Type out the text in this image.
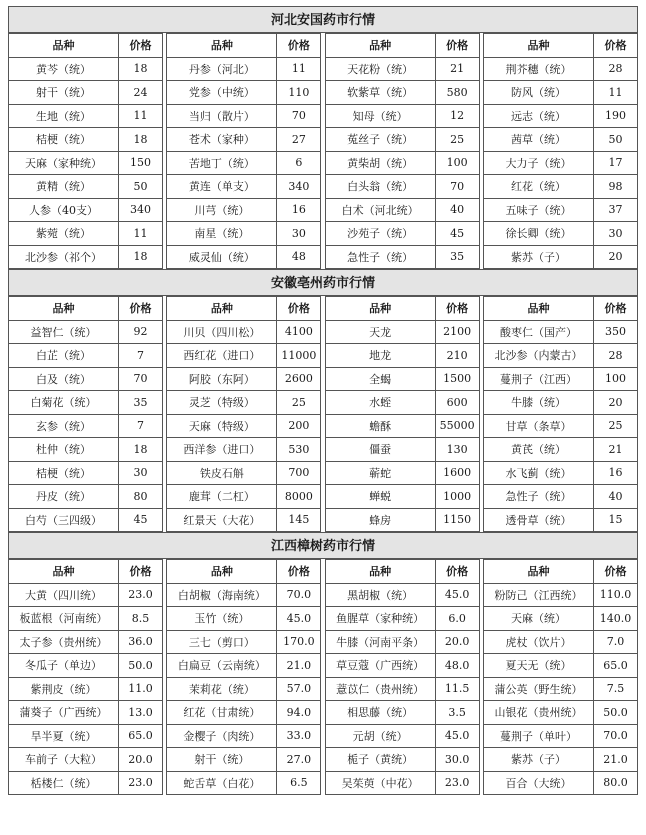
河北安国药市行情
品种	价格
黄芩（统）	18
射干（统）	24
生地（统）	11
桔梗（统）	18
天麻（家种统）	150
黄精（统）	50
人参（40支）	340
紫菀（统）	11
北沙参（祁个）	18
品种	价格
丹参（河北）	11
党参（中统）	110
当归（散片）	70
苍术（家种）	27
苦地丁（统）	6
黄连（单支）	340
川芎（统）	16
南星（统）	30
威灵仙（统）	48
品种	价格
天花粉（统）	21
软紫草（统）	580
知母（统）	12
菟丝子（统）	25
黄柴胡（统）	100
白头翁（统）	70
白术（河北统）	40
沙苑子（统）	45
急性子（统）	35
品种	价格
荆芥穗（统）	28
防风（统）	11
远志（统）	190
茜草（统）	50
大力子（统）	17
红花（统）	98
五味子（统）	37
徐长卿（统）	30
紫苏（子）	20
安徽亳州药市行情
品种	价格
益智仁（统）	92
白芷（统）	7
白及（统）	70
白菊花（统）	35
玄参（统）	7
杜仲（统）	18
桔梗（统）	30
丹皮（统）	80
白芍（三四级）	45
品种	价格
川贝（四川松）	4100
西红花（进口）	11000
阿胶（东阿）	2600
灵芝（特级）	25
天麻（特级）	200
西洋参（进口）	530
铁皮石斛	700
鹿茸（二杠）	8000
红景天（大花）	145
品种	价格
天龙	2100
地龙	210
全蝎	1500
水蛭	600
蟾酥	55000
僵蚕	130
蕲蛇	1600
蝉蜕	1000
蜂房	1150
品种	价格
酸枣仁（国产）	350
北沙参（内蒙古）	28
蔓荆子（江西）	100
牛膝（统）	20
甘草（条草）	25
黄芪（统）	21
水飞蓟（统）	16
急性子（统）	40
透骨草（统）	15
江西樟树药市行情
品种	价格
大黄（四川统）	23.0
板蓝根（河南统）	8.5
太子参（贵州统）	36.0
冬瓜子（单边）	50.0
紫荆皮（统）	11.0
蒲葵子（广西统）	13.0
旱半夏（统）	65.0
车前子（大粒）	20.0
栝楼仁（统）	23.0
品种	价格
白胡椒（海南统）	70.0
玉竹（统）	45.0
三七（剪口）	170.0
白扁豆（云南统）	21.0
茉莉花（统）	57.0
红花（甘肃统）	94.0
金樱子（肉统）	33.0
射干（统）	27.0
蛇舌草（白花）	6.5
品种	价格
黑胡椒（统）	45.0
鱼腥草（家种统）	6.0
牛膝（河南平条）	20.0
草豆蔻（广西统）	48.0
薏苡仁（贵州统）	11.5
相思藤（统）	3.5
元胡（统）	45.0
栀子（黄统）	30.0
吴茱萸（中花）	23.0
品种	价格
粉防己（江西统）	110.0
天麻（统）	140.0
虎杖（饮片）	7.0
夏天无（统）	65.0
蒲公英（野生统）	7.5
山银花（贵州统）	50.0
蔓荆子（单叶）	70.0
紫苏（子）	21.0
百合（大统）	80.0
